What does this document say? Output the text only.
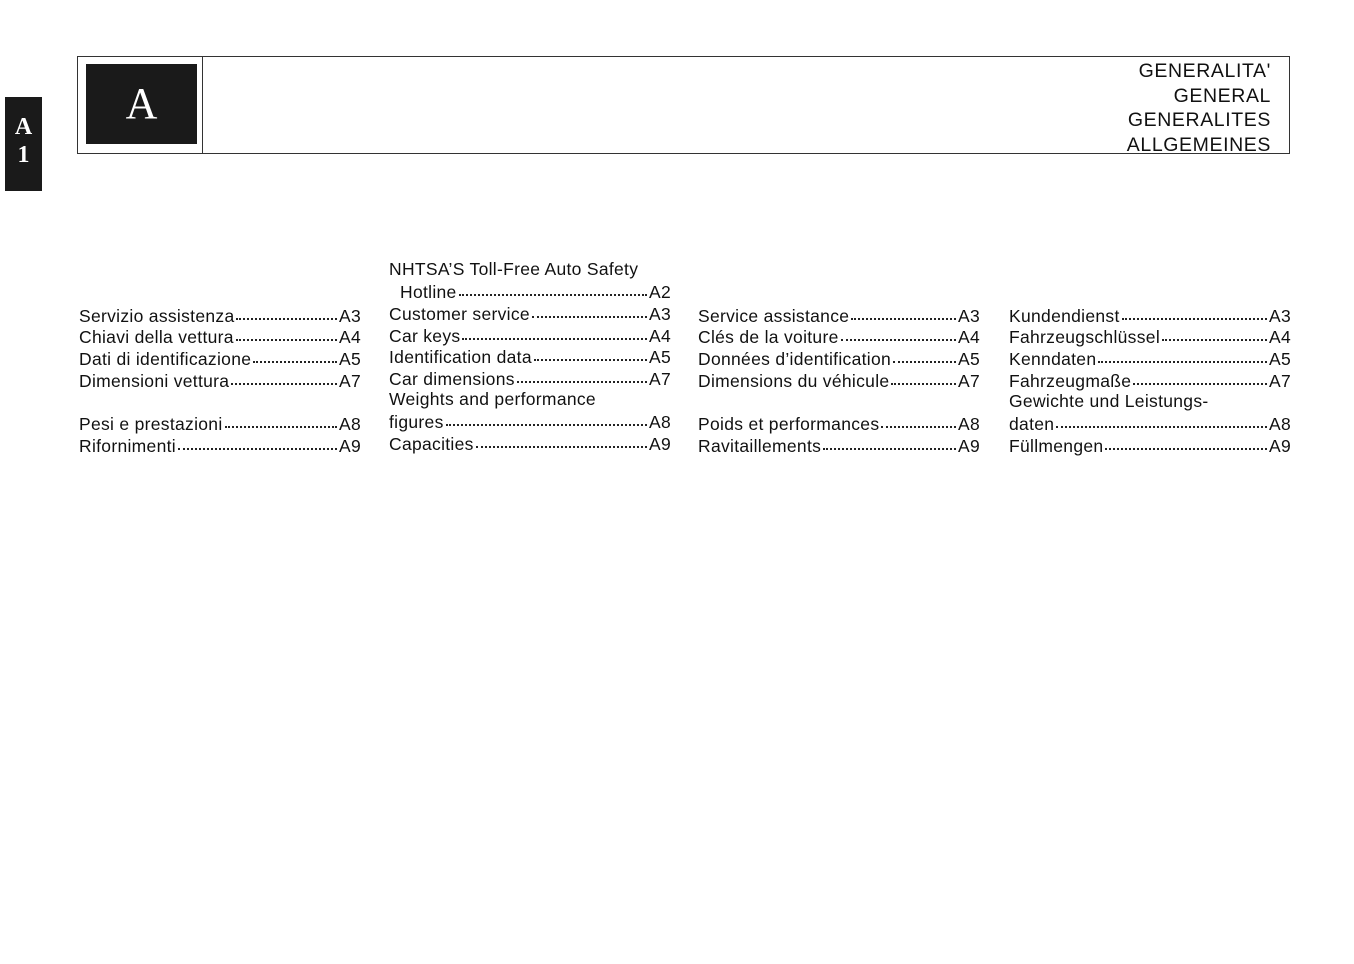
A
1
A
GENERALITA'
GENERAL
GENERALITES
ALLGEMEINES
Servizio assistenza	A3
Chiavi della vettura	A4
Dati di identificazione	A5
Dimensioni vettura	A7
Pesi e prestazioni	A8
Rifornimenti	A9
NHTSA’S Toll-Free Auto Safety
Hotline	A2
Customer service	A3
Car keys	A4
Identification data	A5
Car dimensions	A7
Weights and performance
figures	A8
Capacities	A9
Service assistance	A3
Clés de la voiture	A4
Données d’identification	A5
Dimensions du véhicule	A7
Poids et performances	A8
Ravitaillements	A9
Kundendienst	A3
Fahrzeugschlüssel	A4
Kenndaten	A5
Fahrzeugmaße	A7
Gewichte und Leistungs-
daten	A8
Füllmengen	A9
